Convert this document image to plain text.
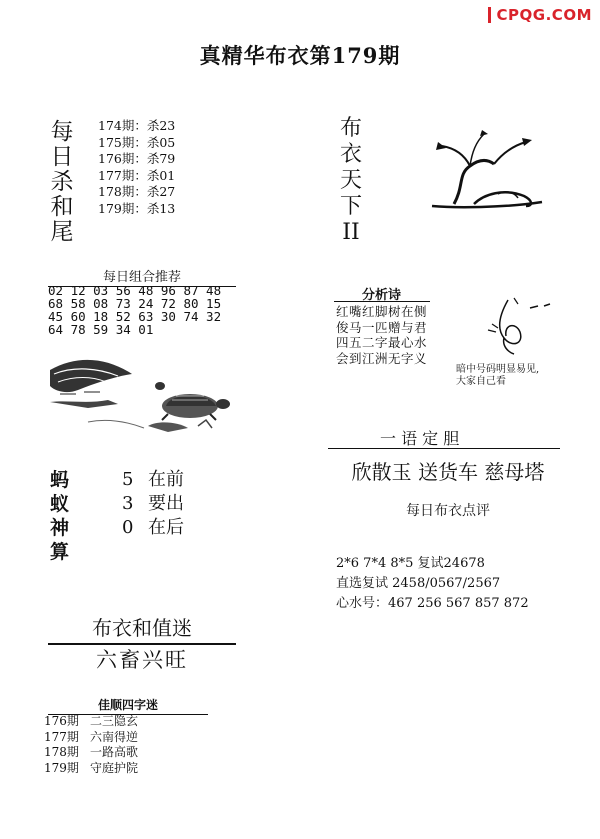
CPQG.COM
真精华布衣第179期
每
日
杀
和
尾
174期：杀23
175期：杀05
176期：杀79
177期：杀01
178期：杀27
179期：杀13
每日组合推荐
02 12 03 56 48 96 87 48
68 58 08 73 24 72 80 15
45 60 18 52 63 30 74 32
64 78 59 34 01
蚂
蚁
神
算
5 在前
3 要出
0 在后
布衣和值迷
六畜兴旺
佳顺四字迷
176期 二三隐玄
177期 六南得逆
178期 一路高歌
179期 守庭护院
布
衣
天
下
II
分析诗
红嘴红脚树在侧
俊马一匹赠与君
四五二字最心水
会到江洲无字义
暗中号码明显易见,
大家自己看
一 语 定 胆
欣散玉 送货车 慈母塔
每日布衣点评
2*6 7*4 8*5 复试24678
直选复试 2458/0567/2567
心水号：467 256 567 857 872
